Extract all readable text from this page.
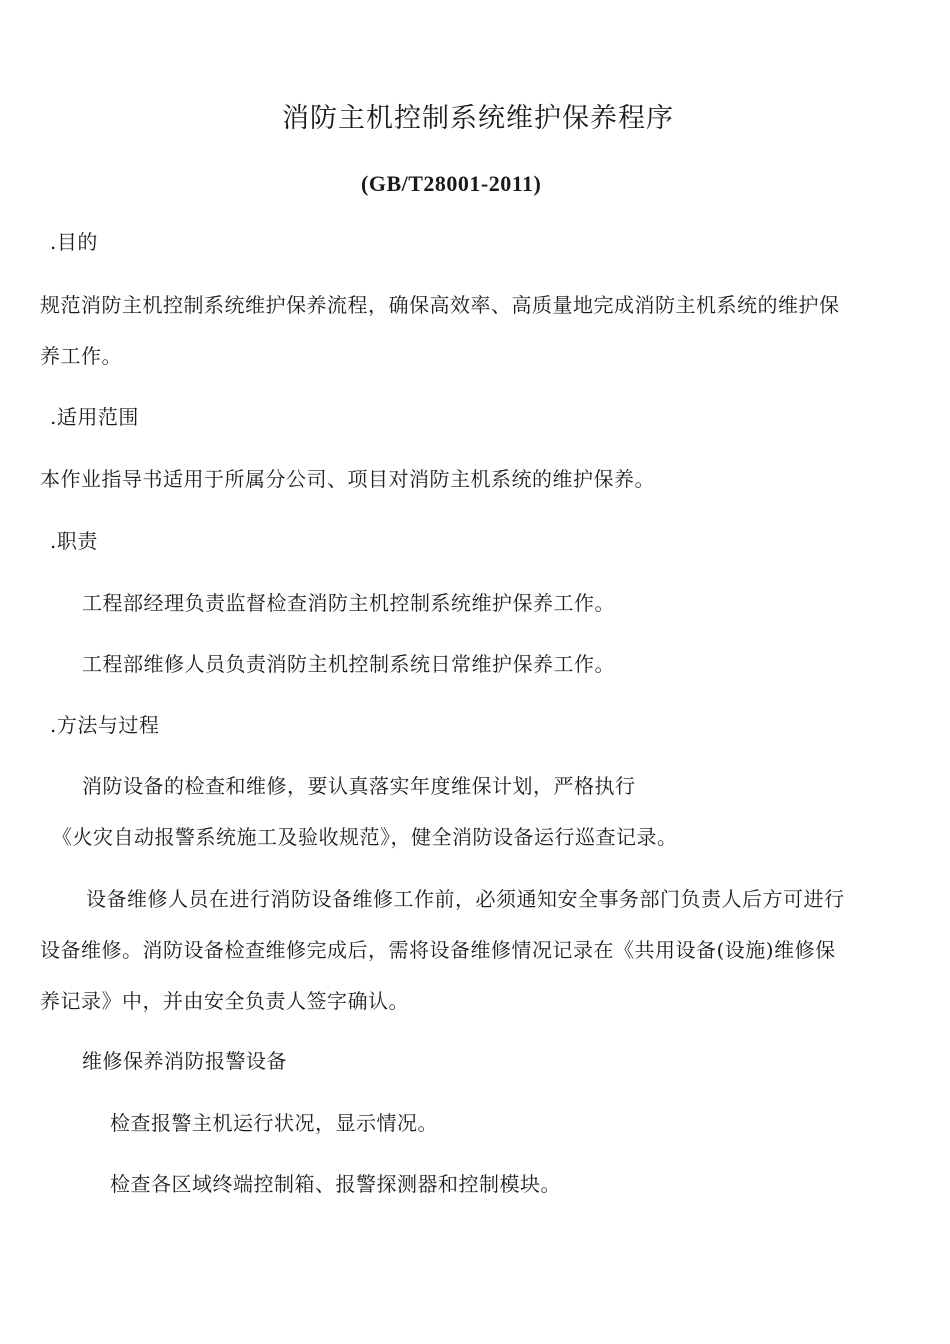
消防主机控制系统维护保养程序
(GB/T28001-2011)
.目的
规范消防主机控制系统维护保养流程，确保高效率、高质量地完成消防主机系统的维护保
养工作。
.适用范围
本作业指导书适用于所属分公司、项目对消防主机系统的维护保养。
.职责
工程部经理负责监督检查消防主机控制系统维护保养工作。
工程部维修人员负责消防主机控制系统日常维护保养工作。
.方法与过程
消防设备的检查和维修，要认真落实年度维保计划，严格执行
《火灾自动报警系统施工及验收规范》，健全消防设备运行巡查记录。
设备维修人员在进行消防设备维修工作前，必须通知安全事务部门负责人后方可进行
设备维修。消防设备检查维修完成后，需将设备维修情况记录在《共用设备(设施)维修保
养记录》中，并由安全负责人签字确认。
维修保养消防报警设备
检查报警主机运行状况，显示情况。
检查各区域终端控制箱、报警探测器和控制模块。
